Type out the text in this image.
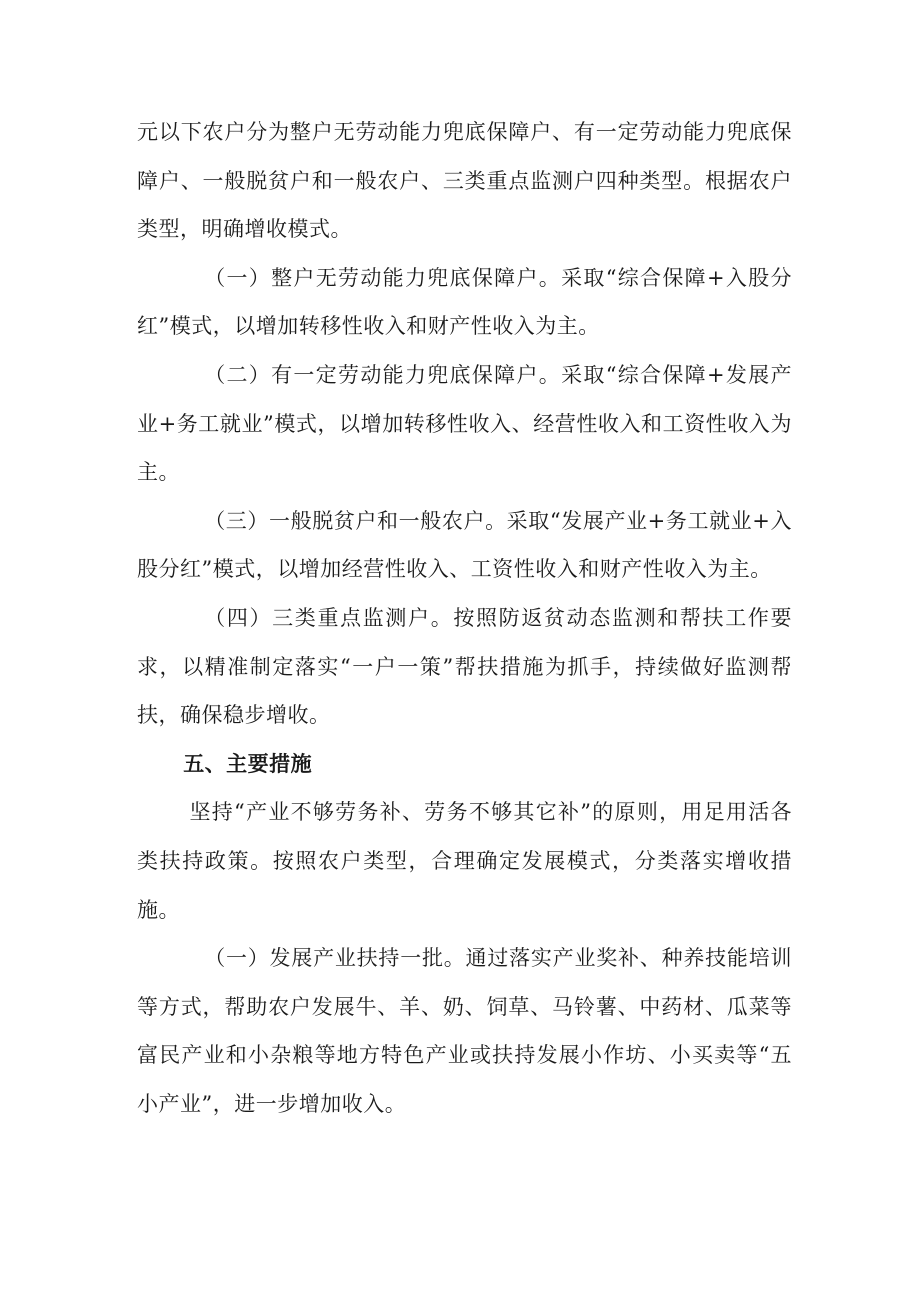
元以下农户分为整户无劳动能力兜底保障户、有一定劳动能力兜底保障户、一般脱贫户和一般农户、三类重点监测户四种类型。根据农户类型，明确增收模式。

（一）整户无劳动能力兜底保障户。采取“综合保障+入股分红”模式，以增加转移性收入和财产性收入为主。

（二）有一定劳动能力兜底保障户。采取“综合保障+发展产业+务工就业”模式，以增加转移性收入、经营性收入和工资性收入为主。

（三）一般脱贫户和一般农户。采取“发展产业+务工就业+入股分红”模式，以增加经营性收入、工资性收入和财产性收入为主。

（四）三类重点监测户。按照防返贫动态监测和帮扶工作要求，以精准制定落实“一户一策”帮扶措施为抓手，持续做好监测帮扶，确保稳步增收。

五、主要措施

坚持“产业不够劳务补、劳务不够其它补”的原则，用足用活各类扶持政策。按照农户类型，合理确定发展模式，分类落实增收措施。

（一）发展产业扶持一批。通过落实产业奖补、种养技能培训等方式，帮助农户发展牛、羊、奶、饲草、马铃薯、中药材、瓜菜等富民产业和小杂粮等地方特色产业或扶持发展小作坊、小买卖等“五小产业”，进一步增加收入。
